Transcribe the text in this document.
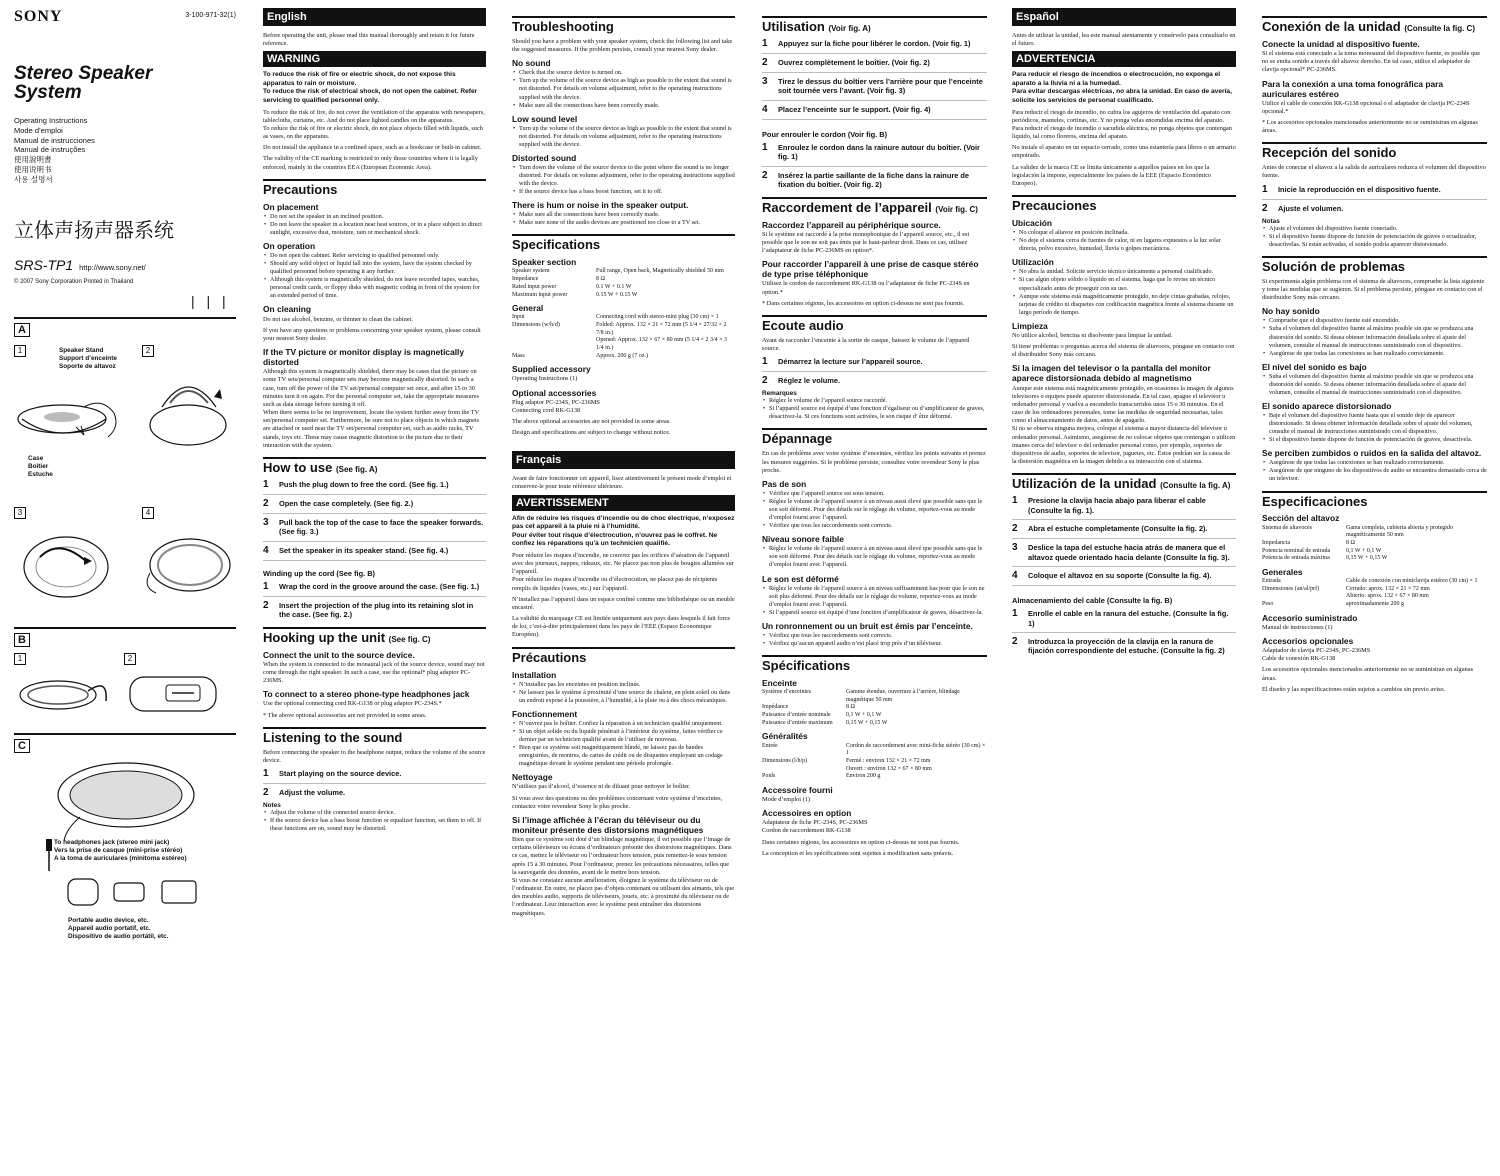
SONY	3-100-971-32(1)
Stereo Speaker
System
Operating Instructions
Mode d’emploi
Manual de instrucciones
Manual de instruções
使用說明書
使用说明书
사용 설명서
立体声扬声器系统
SRS-TP1 http://www.sony.net/
© 2007 Sony Corporation Printed in Thailand
| | |
A
1	2
Speaker Stand
Support d’enceinte
Soporte de altavoz
Case
Boîtier
Estuche
3	4
B
1	2
C
To headphones jack (stereo mini jack)
Vers la prise de casque (mini-prise stéréo)
A la toma de auriculares (minitoma estéreo)
Portable audio device, etc.
Appareil audio portatif, etc.
Dispositivo de audio portátil, etc.
English

Before operating the unit, please read this manual thoroughly and retain it for future reference.

WARNING

To reduce the risk of fire or electric shock, do not expose this apparatus to rain or moisture.
To reduce the risk of electrical shock, do not open the cabinet. Refer servicing to qualified personnel only.

To reduce the risk of fire, do not cover the ventilation of the apparatus with newspapers, tablecloths, curtains, etc. And do not place lighted candles on the apparatus.
To reduce the risk of fire or electric shock, do not place objects filled with liquids, such as vases, on the apparatus.

Do not install the appliance in a confined space, such as a bookcase or built-in cabinet.

The validity of the CE marking is restricted to only those countries where it is legally enforced, mainly in the countries EEA (European Economic Area).

Precautions
On placement
• Do not set the speaker in an inclined position.
• Do not leave the speaker in a location near heat sources, or in a place subject to direct sunlight, excessive dust, moisture, rain or mechanical shock.
On operation
• Do not open the cabinet. Refer servicing to qualified personnel only.
• Should any solid object or liquid fall into the system, have the system checked by qualified personnel before operating it any further.
• Although this system is magnetically shielded, do not leave recorded tapes, watches, personal credit cards, or floppy disks with magnetic coding in front of the system for an extended period of time.
On cleaning

Do not use alcohol, benzine, or thinner to clean the cabinet.

If you have any questions or problems concerning your speaker system, please consult your nearest Sony dealer.

If the TV picture or monitor display is magnetically distorted

Although this system is magnetically shielded, there may be cases that the picture on some TV sets/personal computer sets may become magnetically distorted. In such a case, turn off the power of the TV set/personal computer set once, and after 15 to 30 minutes turn it on again. For the personal computer set, take the appropriate measures such as data storage before turning it off.
When there seems to be no improvement, locate the system further away from the TV set/personal computer set. Furthermore, be sure not to place objects in which magnets are attached or used near the TV set/personal computer set, such as audio racks, TV stands, toys etc. These may cause magnetic distortion to the picture due to their interaction with the system.

How to use (See fig. A)
1	Push the plug down to free the cord. (See fig. 1.)
2	Open the case completely. (See fig. 2.)
3	Pull back the top of the case to face the speaker forwards. (See fig. 3.)
4	Set the speaker in its speaker stand. (See fig. 4.)
Winding up the cord (See fig. B)
1	Wrap the cord in the groove around the case. (See fig. 1.)
2	Insert the projection of the plug into its retaining slot in the case. (See fig. 2.)
Hooking up the unit (See fig. C)
Connect the unit to the source device.

When the system is connected to the monaural jack of the source device, sound may not come through the right speaker. In such a case, use the optional* plug adaptor PC-236MS.

To connect to a stereo phone-type headphones jack

Use the optional connecting cord RK-G138 or plug adaptor PC-234S.*

* The above optional accessories are not provided in some areas.

Listening to the sound

Before connecting the speaker to the headphone output, reduce the volume of the source device.

1	Start playing on the source device.
2	Adjust the volume.
Notes
• Adjust the volume of the connected source device.
• If the source device has a bass boost function or equalizer function, set them to off. If these functions are on, sound may be distorted.
Troubleshooting

Should you have a problem with your speaker system, check the following list and take the suggested measures. If the problem persists, consult your nearest Sony dealer.

No sound
• Check that the source device is turned on.
• Turn up the volume of the source device as high as possible to the extent that sound is not distorted. For details on volume adjustment, refer to the operating instructions supplied with the device.
• Make sure all the connections have been correctly made.
Low sound level
• Turn up the volume of the source device as high as possible to the extent that sound is not distorted. For details on volume adjustment, refer to the operating instructions supplied with the device.
Distorted sound
• Turn down the volume of the source device to the point where the sound is no longer distorted. For details on volume adjustment, refer to the operating instructions supplied with the device.
• If the source device has a bass boost function, set it to off.
There is hum or noise in the speaker output.
• Make sure all the connections have been correctly made.
• Make sure none of the audio devices are positioned too close to a TV set.
Specifications
Speaker section
Speaker system	Full range, Open back, Magnetically shielded 50 mm
Impedance	8 Ω
Rated input power	0.1 W + 0.1 W
Maximum input power	0.15 W + 0.15 W
General
Input	Connecting cord with stereo-mini plug (30 cm) × 1
Dimensions (w/h/d)	Folded: Approx. 132 × 21 × 72 mm (5 1/4 × 27/32 × 2 7/8 in.)
Opened: Approx. 132 × 67 × 80 mm (5 1/4 × 2 3/4 × 3 1/4 in.)
Mass	Approx. 200 g (7 oz.)
Supplied accessory

Operating Instructions (1)

Optional accessories

Plug adaptor PC-234S, PC-236MS
Connecting cord RK-G138

The above optional accessories are not provided in some areas.

Design and specifications are subject to change without notice.

Français

Avant de faire fonctionner cet appareil, lisez attentivement le présent mode d’emploi et conservez-le pour toute référence ultérieure.

AVERTISSEMENT

Afin de réduire les risques d’incendie ou de choc électrique, n’exposez pas cet appareil à la pluie ni à l’humidité.
Pour éviter tout risque d’électrocution, n’ouvrez pas le coffret. Ne confiez les réparations qu’à un technicien qualifié.

Pour réduire les risques d’incendie, ne couvrez pas les orifices d’aération de l’appareil avec des journaux, nappes, rideaux, etc. Ne placez pas non plus de bougies allumées sur l’appareil.
Pour réduire les risques d’incendie ou d’électrocution, ne placez pas de récipients remplis de liquides (vases, etc.) sur l’appareil.

N’installez pas l’appareil dans un espace confiné comme une bibliothèque ou un meuble encastré.

La validité du marquage CE est limitée uniquement aux pays dans lesquels il fait force de loi, c’est-à-dire principalement dans les pays de l’EEE (Espace Economique Européen).

Précautions
Installation
• N’installez pas les enceintes en position inclinée.
• Ne laissez pas le système à proximité d’une source de chaleur, en plein soleil ou dans un endroit exposé à la poussière, à l’humidité, à la pluie ou à des chocs mécaniques.
Fonctionnement
• N’ouvrez pas le boîtier. Confiez la réparation à un technicien qualifié uniquement.
• Si un objet solide ou du liquide pénétrait à l’intérieur du système, faites vérifier ce dernier par un technicien qualifié avant de l’utiliser de nouveau.
• Bien que ce système soit magnétiquement blindé, ne laissez pas de bandes enregistrées, de montres, de cartes de crédit ou de disquettes employant un codage magnétique devant le système pendant une période prolongée.
Nettoyage

N’utilisez pas d’alcool, d’essence ni de diluant pour nettoyer le boîtier.

Si vous avez des questions ou des problèmes concernant votre système d’enceintes, contactez votre revendeur Sony le plus proche.

Si l’image affichée à l’écran du téléviseur ou du moniteur présente des distorsions magnétiques

Bien que ce système soit doté d’un blindage magnétique, il est possible que l’image de certains téléviseurs ou écrans d’ordinateurs présente des distorsions magnétiques. Dans ce cas, mettez le téléviseur ou l’ordinateur hors tension, puis remettez-le sous tension après 15 à 30 minutes. Pour l’ordinateur, prenez les précautions nécessaires, telles que la sauvegarde des données, avant de le mettre hors tension.
Si vous ne constatez aucune amélioration, éloignez le système du téléviseur ou de l’ordinateur. En outre, ne placez pas d’objets contenant ou utilisant des aimants, tels que des meubles audio, supports de téléviseurs, jouets, etc. à proximité du téléviseur ou de l’ordinateur. Leur interaction avec le système peut entraîner des distorsions magnétiques.

Utilisation (Voir fig. A)
1	Appuyez sur la fiche pour libérer le cordon. (Voir fig. 1)
2	Ouvrez complètement le boîtier. (Voir fig. 2)
3	Tirez le dessus du boîtier vers l’arrière pour que l’enceinte soit tournée vers l’avant. (Voir fig. 3)
4	Placez l’enceinte sur le support. (Voir fig. 4)
Pour enrouler le cordon (Voir fig. B)
1	Enroulez le cordon dans la rainure autour du boîtier. (Voir fig. 1)
2	Insérez la partie saillante de la fiche dans la rainure de fixation du boîtier. (Voir fig. 2)
Raccordement de l’appareil (Voir fig. C)
Raccordez l’appareil au périphérique source.

Si le système est raccordé à la prise monophonique de l’appareil source, etc., il est possible que le son ne soit pas émis par le haut-parleur droit. Dans ce cas, utilisez l’adaptateur de fiche PC-236MS en option*.

Pour raccorder l’appareil à une prise de casque stéréo de type prise téléphonique

Utilisez le cordon de raccordement RK-G138 ou l’adaptateur de fiche PC-234S en option.*

* Dans certaines régions, les accessoires en option ci-dessus ne sont pas fournis.

Ecoute audio

Avant de raccorder l’enceinte à la sortie de casque, baissez le volume de l’appareil source.

1	Démarrez la lecture sur l’appareil source.
2	Réglez le volume.
Remarques
• Réglez le volume de l’appareil source raccordé.
• Si l’appareil source est équipé d’une fonction d’égaliseur ou d’amplificateur de graves, désactivez-la. Si ces fonctions sont activées, le son risque d’ être déformé.
Dépannage

En cas de problème avec votre système d’enceintes, vérifiez les points suivants et prenez les mesures suggérées. Si le problème persiste, consultez votre revendeur Sony le plus proche.

Pas de son
• Vérifiez que l’appareil source est sous tension.
• Réglez le volume de l’appareil source à un niveau aussi élevé que possible sans que le son soit déformé. Pour des détails sur le réglage du volume, reportez-vous au mode d’emploi fourni avec l’appareil.
• Vérifiez que tous les raccordements sont corrects.
Niveau sonore faible
• Réglez le volume de l’appareil source à un niveau aussi élevé que possible sans que le son soit déformé. Pour des détails sur le réglage du volume, reportez-vous au mode d’emploi fourni avec l’appareil.
Le son est déformé
• Réglez le volume de l’appareil source à un niveau suffisamment bas pour que le son ne soit plus déformé. Pour des détails sur le réglage du volume, reportez-vous au mode d’emploi fourni avec l’appareil.
• Si l’appareil source est équipé d’une fonction d’amplificateur de graves, désactivez-la.
Un ronronnement ou un bruit est émis par l’enceinte.
• Vérifiez que tous les raccordements sont corrects.
• Vérifiez qu’aucun appareil audio n’est placé trop près d’un téléviseur.
Spécifications
Enceinte
Système d’enceintes	Gamme étendue, ouverture à l’arrière, blindage magnétique 50 mm
Impédance	8 Ω
Puissance d’entrée nominale	0,1 W + 0,1 W
Puissance d’entrée maximum	0,15 W + 0,15 W
Généralités
Entrée	Cordon de raccordement avec mini-fiche stéréo (30 cm) × 1
Dimensions (l/h/p)	Fermé : environ 132 × 21 × 72 mm
Ouvert : environ 132 × 67 × 80 mm
Poids	Environ 200 g
Accessoire fourni

Mode d’emploi (1)

Accessoires en option

Adaptateur de fiche PC-234S, PC-236MS
Cordon de raccordement RK-G138

Dans certaines régions, les accessoires en option ci-dessus ne sont pas fournis.

La conception et les spécifications sont sujettes à modification sans préavis.

Español

Antes de utilizar la unidad, lea este manual atentamente y consérvelo para consultarlo en el futuro.

ADVERTENCIA

Para reducir el riesgo de incendios o electrocución, no exponga el aparato a la lluvia ni a la humedad.
Para evitar descargas eléctricas, no abra la unidad. En caso de avería, solicite los servicios de personal cualificado.

Para reducir el riesgo de incendio, no cubra los agujeros de ventilación del aparato con periódicos, manteles, cortinas, etc. Y no ponga velas encendidas encima del aparato.
Para reducir el riesgo de incendio o sacudida eléctrica, no ponga objetos que contengan líquido, tal como floreros, encima del aparato.

No instale el aparato en un espacio cerrado, como una estantería para libros o un armario empotrado.

La validez de la marca CE se limita únicamente a aquellos países en los que la legislación la impone, especialmente los países de la EEE (Espacio Económico Europeo).

Precauciones
Ubicación
• No coloque el altavoz en posición inclinada.
• No deje el sistema cerca de fuentes de calor, ni en lugares expuestos a la luz solar directa, polvo excesivo, humedad, lluvia o golpes mecánicos.
Utilización
• No abra la unidad. Solicite servicio técnico únicamente a personal cualificado.
• Si cae algún objeto sólido o líquido en el sistema, haga que lo revise un técnico especializado antes de proseguir con su uso.
• Aunque este sistema está magnéticamente protegido, no deje cintas grabadas, relojes, tarjetas de crédito ni disquetes con codificación magnética frente al sistema durante un largo período de tiempo.
Limpieza

No utilice alcohol, bencina ni disolvente para limpiar la unidad.

Si tiene problemas o preguntas acerca del sistema de altavoces, póngase en contacto con el distribuidor Sony más cercano.

Si la imagen del televisor o la pantalla del monitor aparece distorsionada debido al magnetismo

Aunque este sistema está magnéticamente protegido, en ocasiones la imagen de algunos televisores o equipos puede aparecer distorsionada. En tal caso, apague el televisor u ordenador personal y vuelva a encenderlo transcurridos unos 15 o 30 minutos. En el caso de los ordenadores personales, tome las medidas de seguridad necesarias, tales como el almacenamiento de datos, antes de apagarlo.
Si no se observa ninguna mejora, coloque el sistema a mayor distancia del televisor u ordenador personal. Asimismo, asegúrese de no colocar objetos que contengan o utilicen imanes cerca del televisor o del ordenador personal como, por ejemplo, soportes de dispositivos de audio, soportes de televisor, juguetes, etc. Éstos podrían ser la causa de la distorsión magnética en la imagen debido a su interacción con el sistema.

Utilización de la unidad (Consulte la fig. A)
1	Presione la clavija hacia abajo para liberar el cable (Consulte la fig. 1).
2	Abra el estuche completamente (Consulte la fig. 2).
3	Deslice la tapa del estuche hacia atrás de manera que el altavoz quede orientado hacia delante (Consulte la fig. 3).
4	Coloque el altavoz en su soporte (Consulte la fig. 4).
Almacenamiento del cable (Consulte la fig. B)
1	Enrolle el cable en la ranura del estuche. (Consulte la fig. 1)
2	Introduzca la proyección de la clavija en la ranura de fijación correspondiente del estuche. (Consulte la fig. 2)
Conexión de la unidad (Consulte la fig. C)
Conecte la unidad al dispositivo fuente.

Si el sistema está conectado a la toma monoaural del dispositivo fuente, es posible que no se emita sonido a través del altavoz derecho. En tal caso, utilice el adaptador de clavija opcional* PC-236MS.

Para la conexión a una toma fonográfica para auriculares estéreo

Utilice el cable de conexión RK-G138 opcional o el adaptador de clavija PC-234S opcional.*

* Los accesorios opcionales mencionados anteriormente no se suministran en algunas áreas.

Recepción del sonido

Antes de conectar el altavoz a la salida de auriculares reduzca el volumen del dispositivo fuente.

1	Inicie la reproducción en el dispositivo fuente.
2	Ajuste el volumen.
Notas
• Ajuste el volumen del dispositivo fuente conectado.
• Si el dispositivo fuente dispone de función de potenciación de graves o ecualizador, desactívelas. Si están activadas, el sonido podría aparecer distorsionado.
Solución de problemas

Si experimenta algún problema con el sistema de altavoces, compruebe la lista siguiente y tome las medidas que se sugieren. Si el problema persiste, póngase en contacto con el distribuidor Sony más cercano.

No hay sonido
• Compruebe que el dispositivo fuente esté encendido.
• Suba el volumen del dispositivo fuente al máximo posible sin que se produzca una distorsión del sonido. Si desea obtener información detallada sobre el ajuste del volumen, consulte el manual de instrucciones suministrado con el dispositivo.
• Asegúrese de que todas las conexiones se han realizado correctamente.
El nivel del sonido es bajo
• Suba el volumen del dispositivo fuente al máximo posible sin que se produzca una distorsión del sonido. Si desea obtener información detallada sobre el ajuste del volumen, consulte el manual de instrucciones suministrado con el dispositivo.
El sonido aparece distorsionado
• Baje el volumen del dispositivo fuente hasta que el sonido deje de aparecer distorsionado. Si desea obtener información detallada sobre el ajuste del volumen, consulte el manual de instrucciones suministrado con el dispositivo.
• Si el dispositivo fuente dispone de función de potenciación de graves, desactívela.
Se perciben zumbidos o ruidos en la salida del altavoz.
• Asegúrese de que todas las conexiones se han realizado correctamente.
• Asegúrese de que ninguno de los dispositivos de audio se encuentra demasiado cerca de un televisor.
Especificaciones
Sección del altavoz
Sistema de altavoces	Gama completa, cubierta abierta y protegido magnéticamente 50 mm
Impedancia	8 Ω
Potencia nominal de entrada	0,1 W + 0,1 W
Potencia de entrada máxima	0,15 W + 0,15 W
Generales
Entrada	Cable de conexión con miniclavija estéreo (30 cm) × 1
Dimensiones (an/al/prf)	Cerrado: aprox. 132 × 21 × 72 mm
Abierto: aprox. 132 × 67 × 80 mm
Peso	aproximadamente 200 g
Accesorio suministrado

Manual de instrucciones (1)

Accesorios opcionales

Adaptador de clavija PC-234S, PC-236MS
Cable de conexión RK-G138

Los accesorios opcionales mencionados anteriormente no se suministran en algunas áreas.

El diseño y las especificaciones están sujetos a cambios sin previo aviso.
